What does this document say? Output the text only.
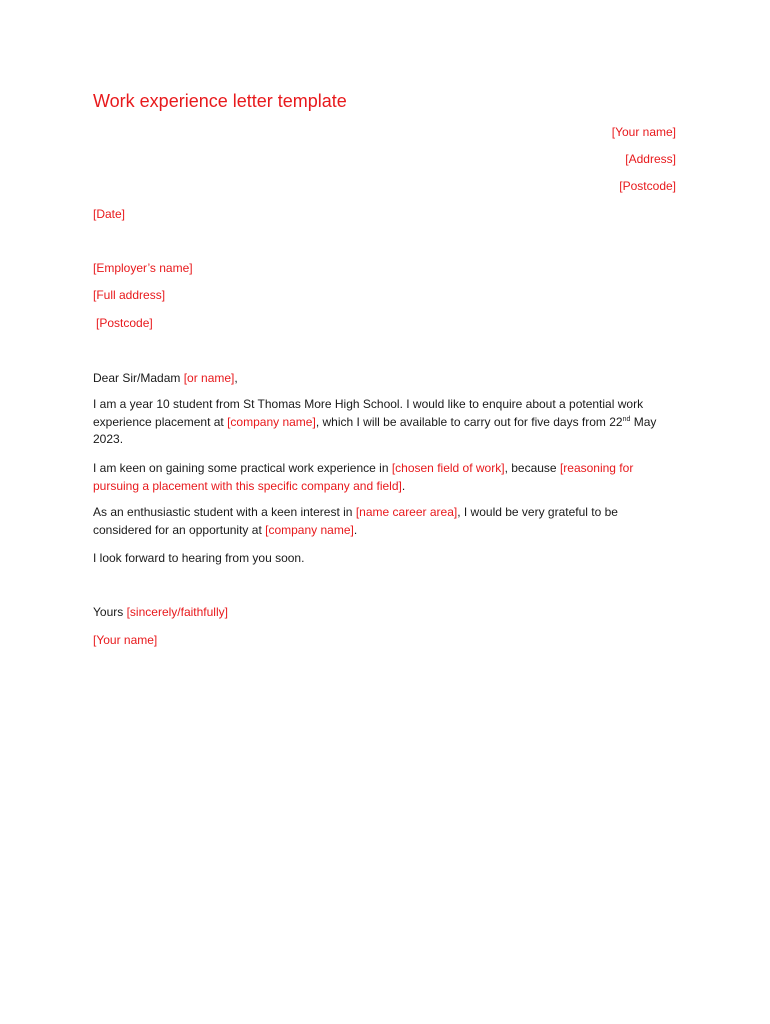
Work experience letter template
[Your name]
[Address]
[Postcode]
[Date]
[Employer’s name]
[Full address]
[Postcode]
Dear Sir/Madam [or name],

I am a year 10 student from St Thomas More High School. I would like to enquire about a potential work experience placement at [company name], which I will be available to carry out for five days from 22nd May 2023.

I am keen on gaining some practical work experience in [chosen field of work], because [reasoning for pursuing a placement with this specific company and field].

As an enthusiastic student with a keen interest in [name career area], I would be very grateful to be considered for an opportunity at [company name].

I look forward to hearing from you soon.
Yours [sincerely/faithfully]
[Your name]
